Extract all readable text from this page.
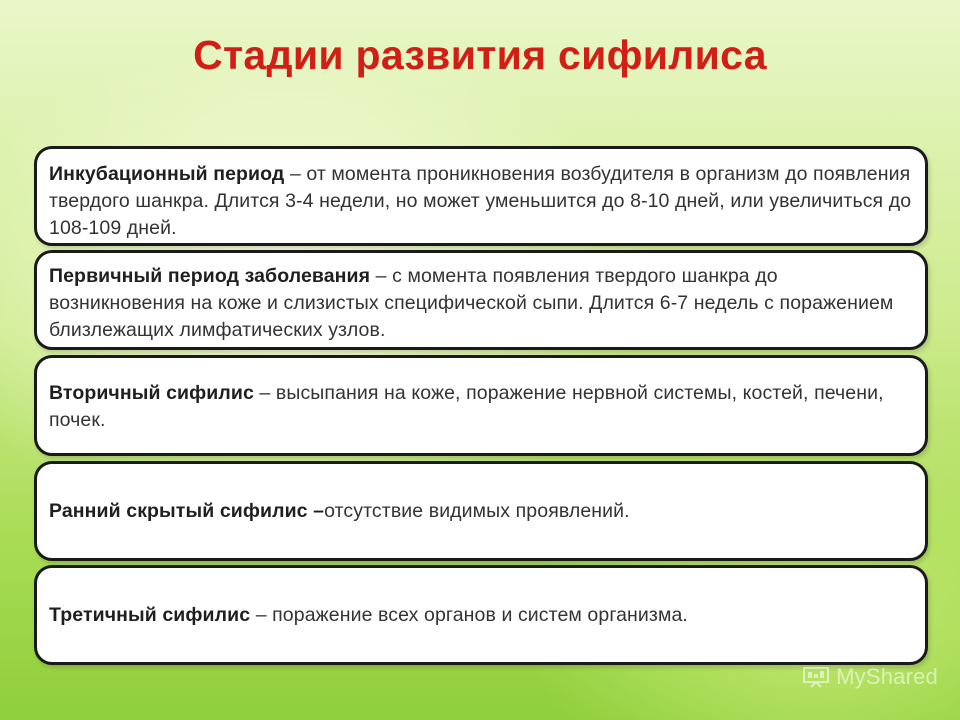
Стадии развития сифилиса
Инкубационный период – от момента проникновения возбудителя в организм до появления твердого шанкра. Длится 3-4 недели, но может уменьшится до 8-10 дней, или увеличиться до 108-109 дней.
Первичный период заболевания – с момента появления твердого шанкра до возникновения на коже и слизистых специфической сыпи. Длится 6-7 недель с поражением близлежащих лимфатических узлов.
Вторичный сифилис – высыпания на коже, поражение нервной системы, костей, печени, почек.
Ранний скрытый сифилис –отсутствие видимых проявлений.
Третичный сифилис – поражение всех органов и систем организма.
MyShared
